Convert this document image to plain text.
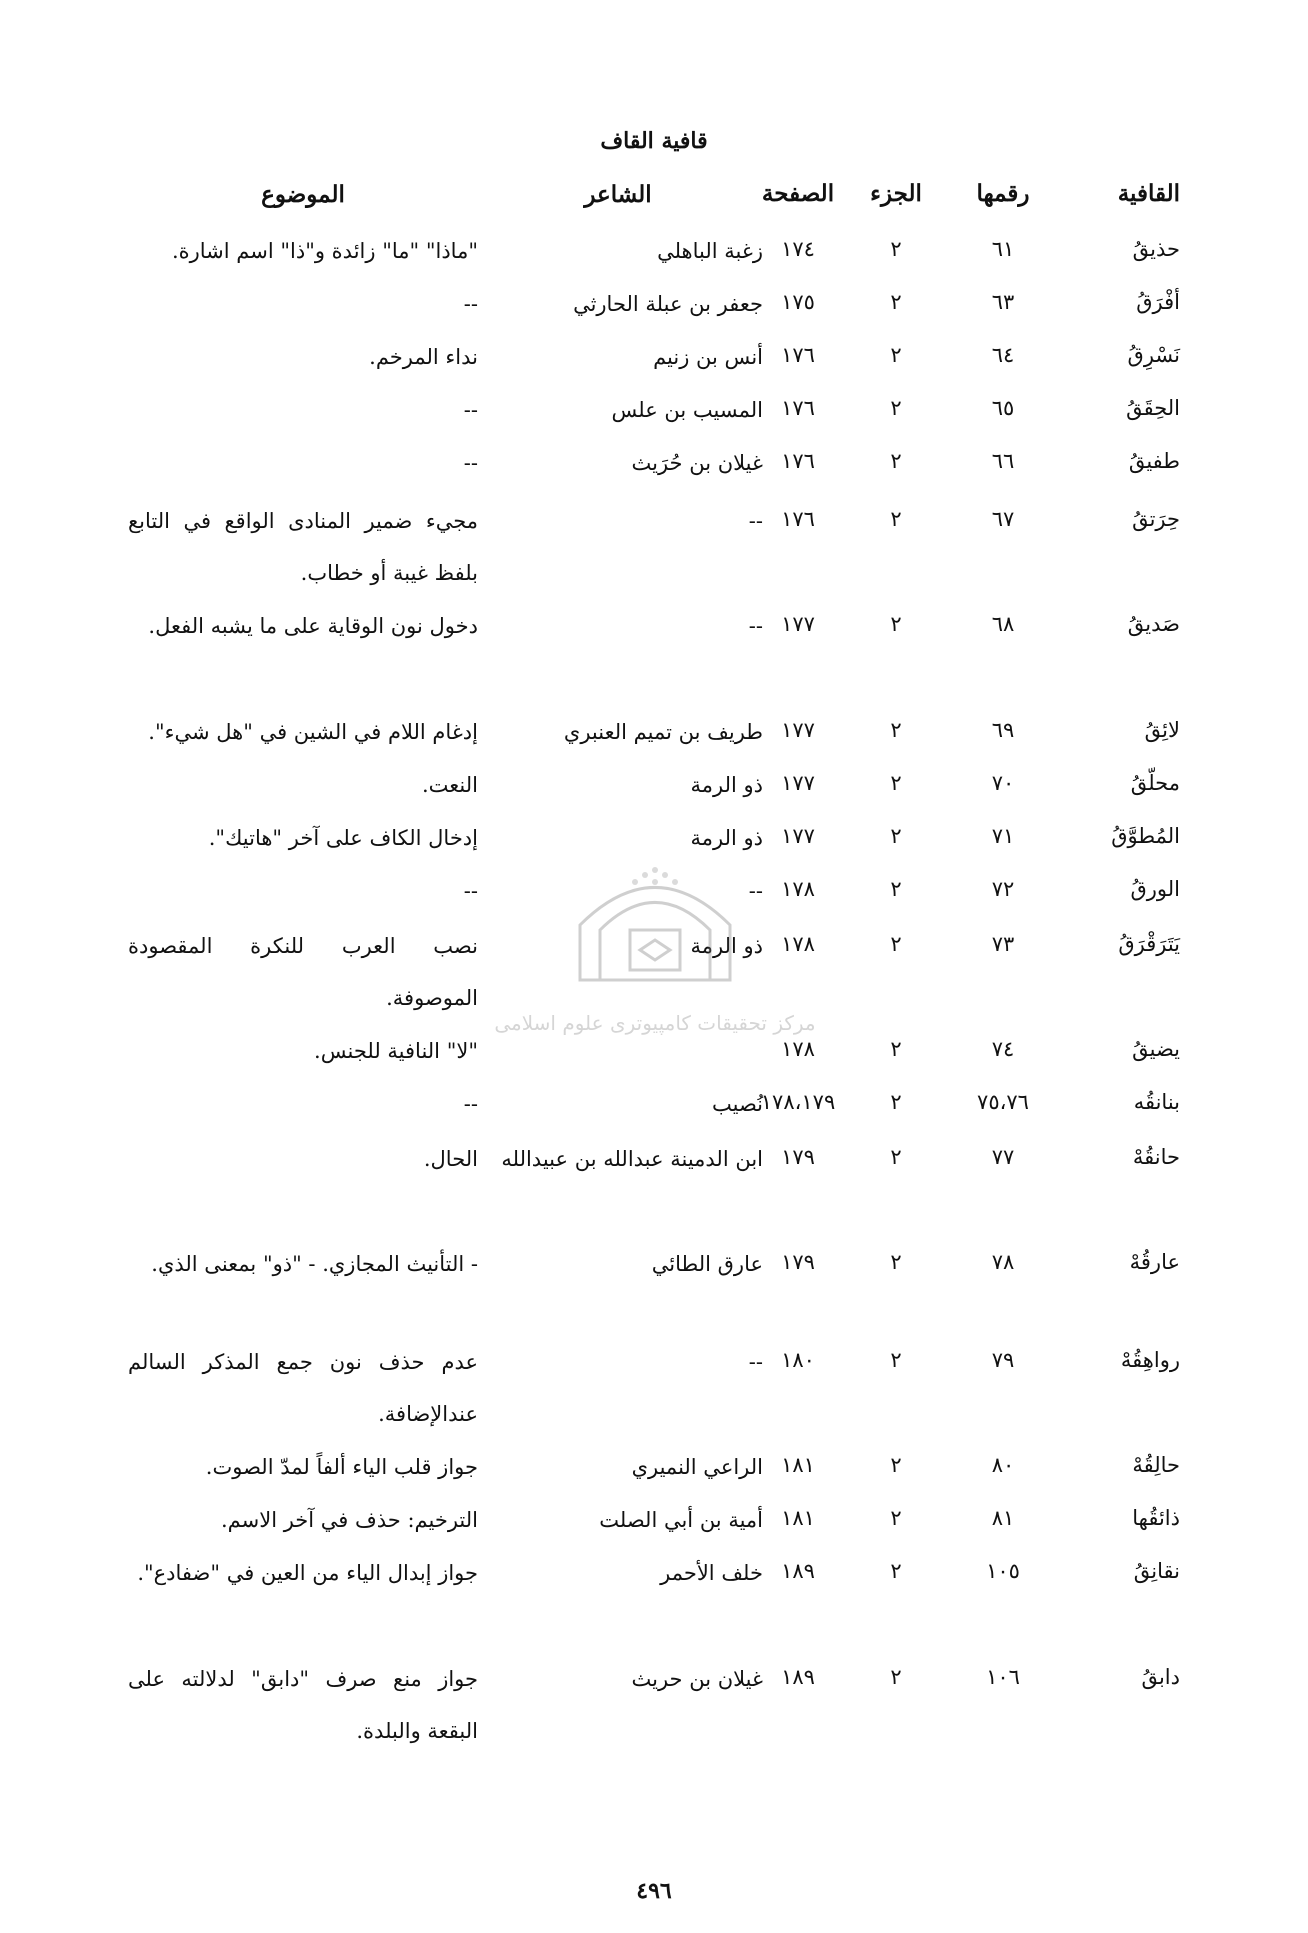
قافية القاف
القافية
رقمها
الجزء
الصفحة
الشاعر
الموضوع
حذيقُ
٦١
٢
١٧٤
زغبة الباهلي
"ماذا" "ما" زائدة و"ذا" اسم اشارة.
أفْرَقُ
٦٣
٢
١٧٥
جعفر بن عبلة الحارثي
--
نَسْرِقُ
٦٤
٢
١٧٦
أنس بن زنيم
نداء المرخم.
الحِقَقُ
٦٥
٢
١٧٦
المسيب بن علس
--
طفيقُ
٦٦
٢
١٧٦
غيلان بن حُرَيث
--
حِرَتقُ
٦٧
٢
١٧٦
--
مجيء ضمير المنادى الواقع في التابع بلفظ غيبة أو خطاب.
صَديقُ
٦٨
٢
١٧٧
--
دخول نون الوقاية على ما يشبه الفعل.
لائِقُ
٦٩
٢
١٧٧
طريف بن تميم العنبري
إدغام اللام في الشين في "هل شيء".
محلّقُ
٧٠
٢
١٧٧
ذو الرمة
النعت.
المُطوَّقُ
٧١
٢
١٧٧
ذو الرمة
إدخال الكاف على آخر "هاتيك".
الورقُ
٧٢
٢
١٧٨
--
--
يَتَرَقْرَقُ
٧٣
٢
١٧٨
ذو الرمة
نصب العرب للنكرة المقصودة الموصوفة.
يضيقُ
٧٤
٢
١٧٨
"لا" النافية للجنس.
بنانقُه
٧٥،٧٦
٢
١٧٨،١٧٩
نُصيب
--
حانقُهْ
٧٧
٢
١٧٩
ابن الدمينة عبدالله بن عبيدالله
الحال.
عارقُهْ
٧٨
٢
١٧٩
عارق الطائي
- التأنيث المجازي. - "ذو" بمعنى الذي.
رواهِقُهْ
٧٩
٢
١٨٠
--
عدم حذف نون جمع المذكر السالم عندالإضافة.
حالِقُهْ
٨٠
٢
١٨١
الراعي النميري
جواز قلب الياء ألفاً لمدّ الصوت.
ذائقُها
٨١
٢
١٨١
أمية بن أبي الصلت
الترخيم: حذف في آخر الاسم.
نقانِقُ
١٠٥
٢
١٨٩
خلف الأحمر
جواز إبدال الياء من العين في "ضفادع".
دابقُ
١٠٦
٢
١٨٩
غيلان بن حريث
جواز منع صرف "دابق" لدلالته على البقعة والبلدة.
مرکز تحقیقات کامپیوتری علوم اسلامی
٤٩٦
